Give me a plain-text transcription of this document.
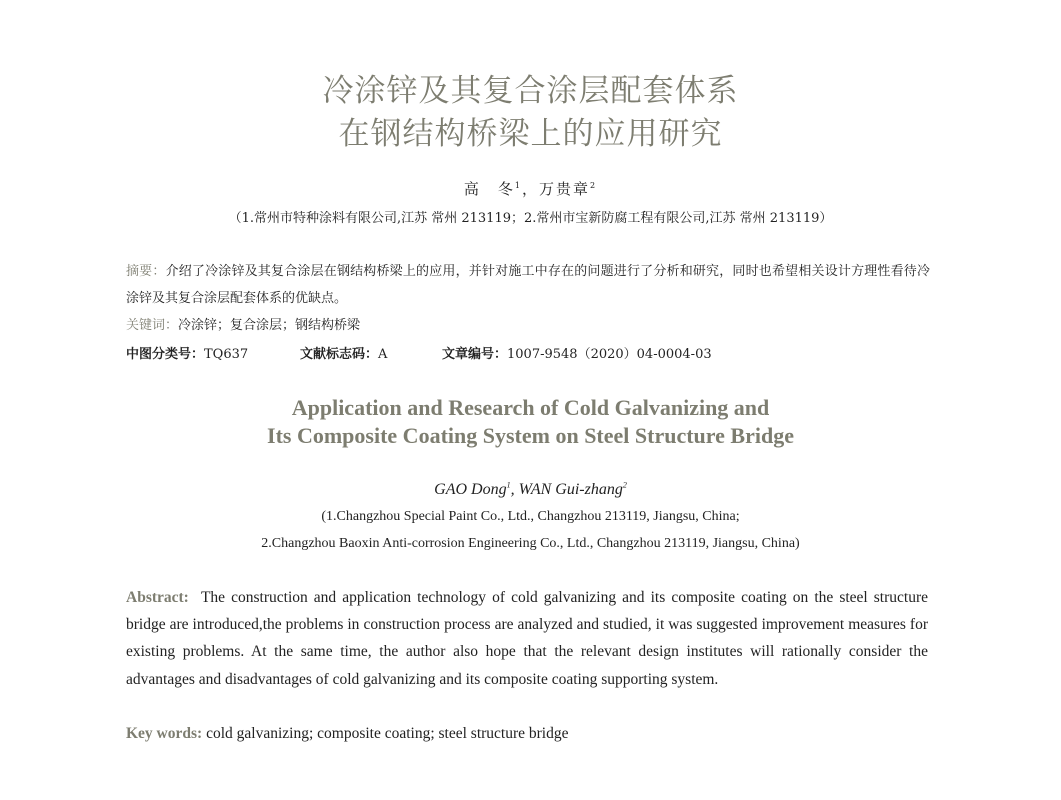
冷涂锌及其复合涂层配套体系
在钢结构桥梁上的应用研究
高　冬$^1$，万贵章$^2$
（1.常州市特种涂料有限公司,江苏 常州 213119；2.常州市宝新防腐工程有限公司,江苏 常州 213119）
摘要：介绍了冷涂锌及其复合涂层在钢结构桥梁上的应用，并针对施工中存在的问题进行了分析和研究，同时也希望相关设计方理性看待冷涂锌及其复合涂层配套体系的优缺点。
关键词：冷涂锌；复合涂层；钢结构桥梁
中图分类号：TQ637	文献标志码：A	文章编号：1007-9548（2020）04-0004-03
Application and Research of Cold Galvanizing and
Its Composite Coating System on Steel Structure Bridge
GAO Dong$^1$, WAN Gui-zhang$^2$
(1.Changzhou Special Paint Co., Ltd., Changzhou 213119, Jiangsu, China;
2.Changzhou Baoxin Anti-corrosion Engineering Co., Ltd., Changzhou 213119, Jiangsu, China)
Abstract: The construction and application technology of cold galvanizing and its composite coating on the steel structure bridge are introduced,the problems in construction process are analyzed and studied, it was suggested improvement measures for existing problems. At the same time, the author also hope that the relevant design institutes will rationally consider the advantages and disadvantages of cold galvanizing and its composite coating supporting system.
Key words: cold galvanizing; composite coating; steel structure bridge
